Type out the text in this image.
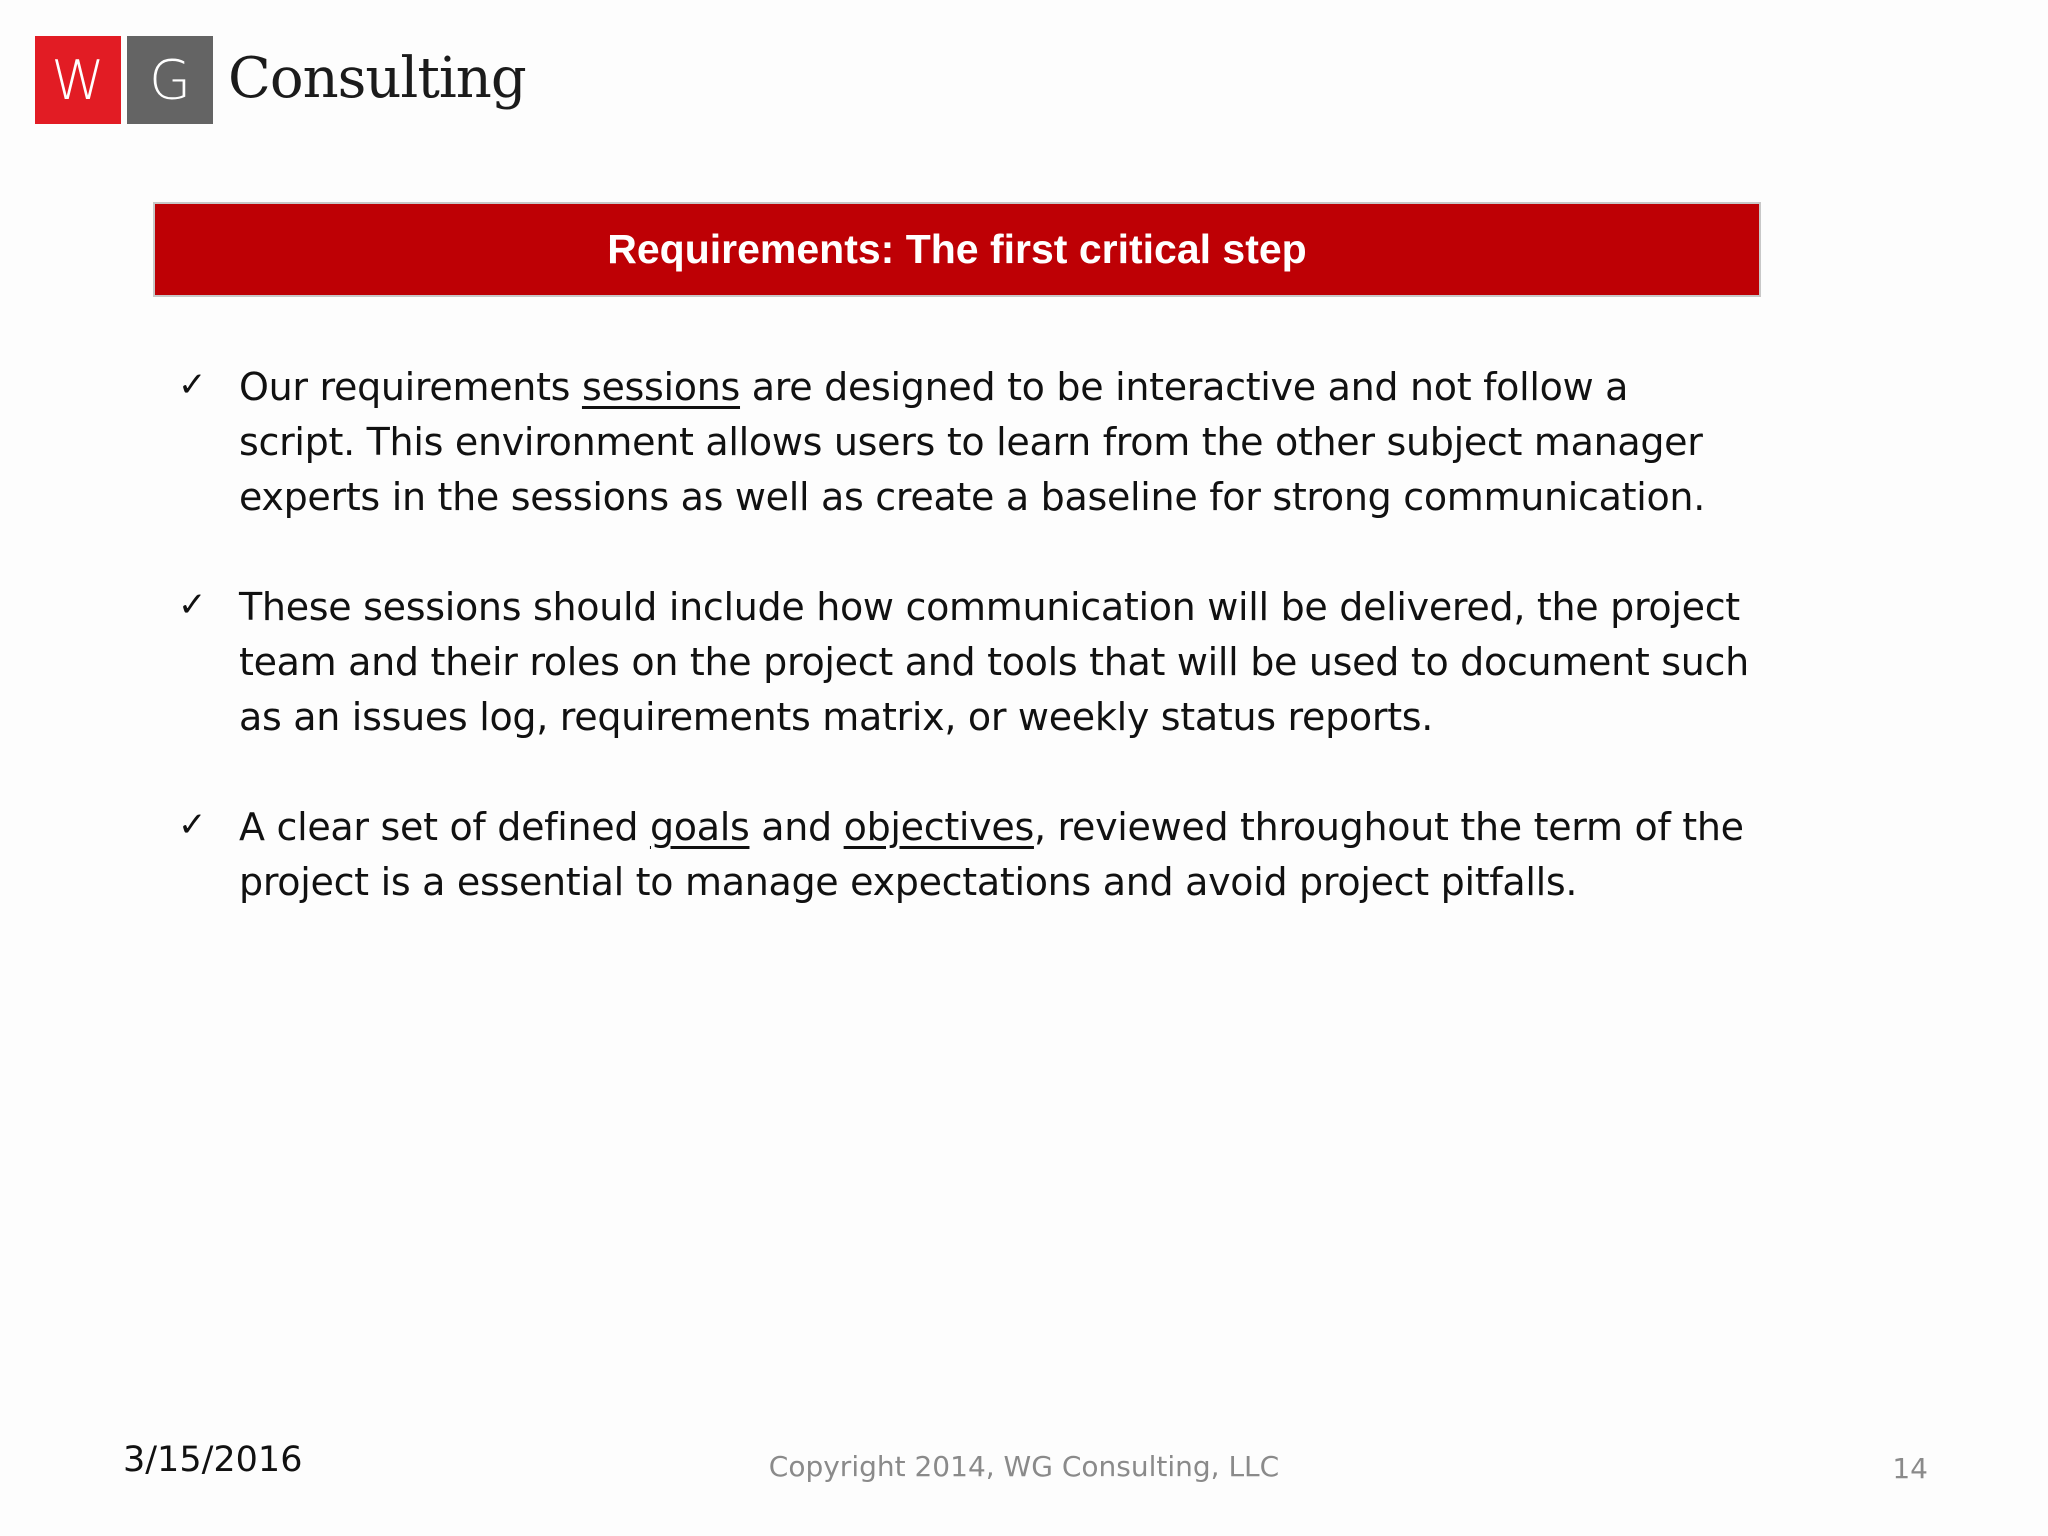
W G Consulting
Requirements: The first critical step
✓ Our requirements sessions are designed to be interactive and not follow a script. This environment allows users to learn from the other subject manager experts in the sessions as well as create a baseline for strong communication.
✓ These sessions should include how communication will be delivered, the project team and their roles on the project and tools that will be used to document such as an issues log, requirements matrix, or weekly status reports.
✓ A clear set of defined goals and objectives, reviewed throughout the term of the project is a essential to manage expectations and avoid project pitfalls.
3/15/2016	Copyright 2014, WG Consulting, LLC	14
